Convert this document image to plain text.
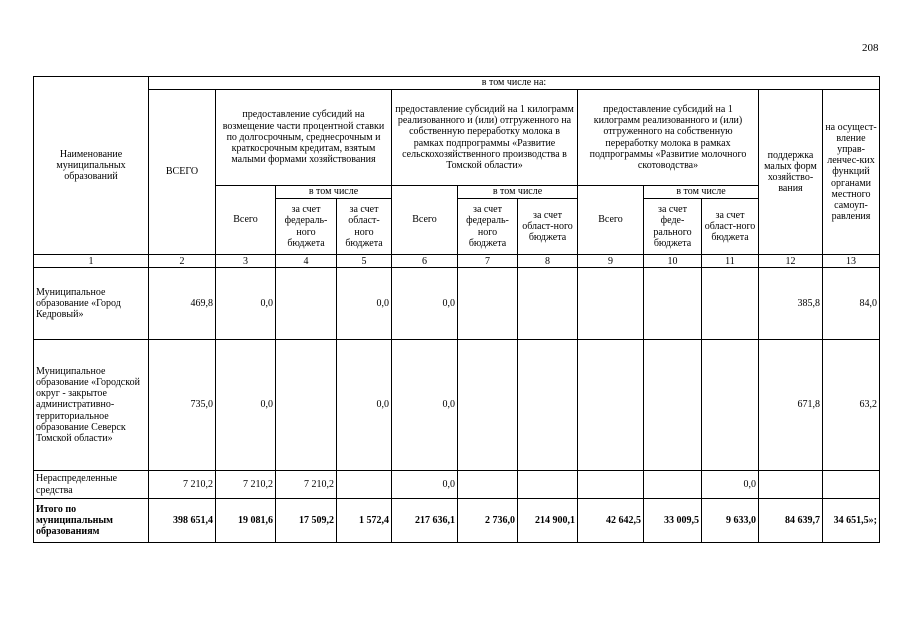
208
Наименование муниципальных образований	в том числе на:											
	ВСЕГО	предоставление субсидий на возмещение части процентной ставки по долгосрочным, среднесрочным и краткосрочным кредитам, взятым малыми формами хозяйствования			предоставление субсидий на 1 килограмм реализованного и (или) отгруженного на собственную переработку молока в рамках подпрограммы «Развитие сельскохозяйственного производства в Томской области»			предоставление субсидий на 1 килограмм реализованного и (или) отгруженного на собственную переработку молока в рамках подпрограммы «Развитие молочного скотоводства»			поддержка малых форм хозяйство-вания	на осущест-вление управ-ленчес-ких функций органами местного самоуп-равления
		Всего	в том числе		Всего	в том числе		Всего	в том числе			
			за счет федераль-ного бюджета	за счет област-ного бюджета		за счет федераль-ного бюджета	за счет област-ного бюджета		за счет феде-рального бюджета	за счет област-ного бюджета		
1	2	3	4	5	6	7	8	9	10	11	12	13
Муниципальное образование «Город Кедровый»	469,8	0,0		0,0	0,0						385,8	84,0
Муниципальное образование «Городской округ - закрытое административно-территориальное образование Северск Томской области»	735,0	0,0		0,0	0,0						671,8	63,2
Нераспределенные средства	7 210,2	7 210,2	7 210,2		0,0					0,0		
Итого по муниципальным образованиям	398 651,4	19 081,6	17 509,2	1 572,4	217 636,1	2 736,0	214 900,1	42 642,5	33 009,5	9 633,0	84 639,7	34 651,5»;
